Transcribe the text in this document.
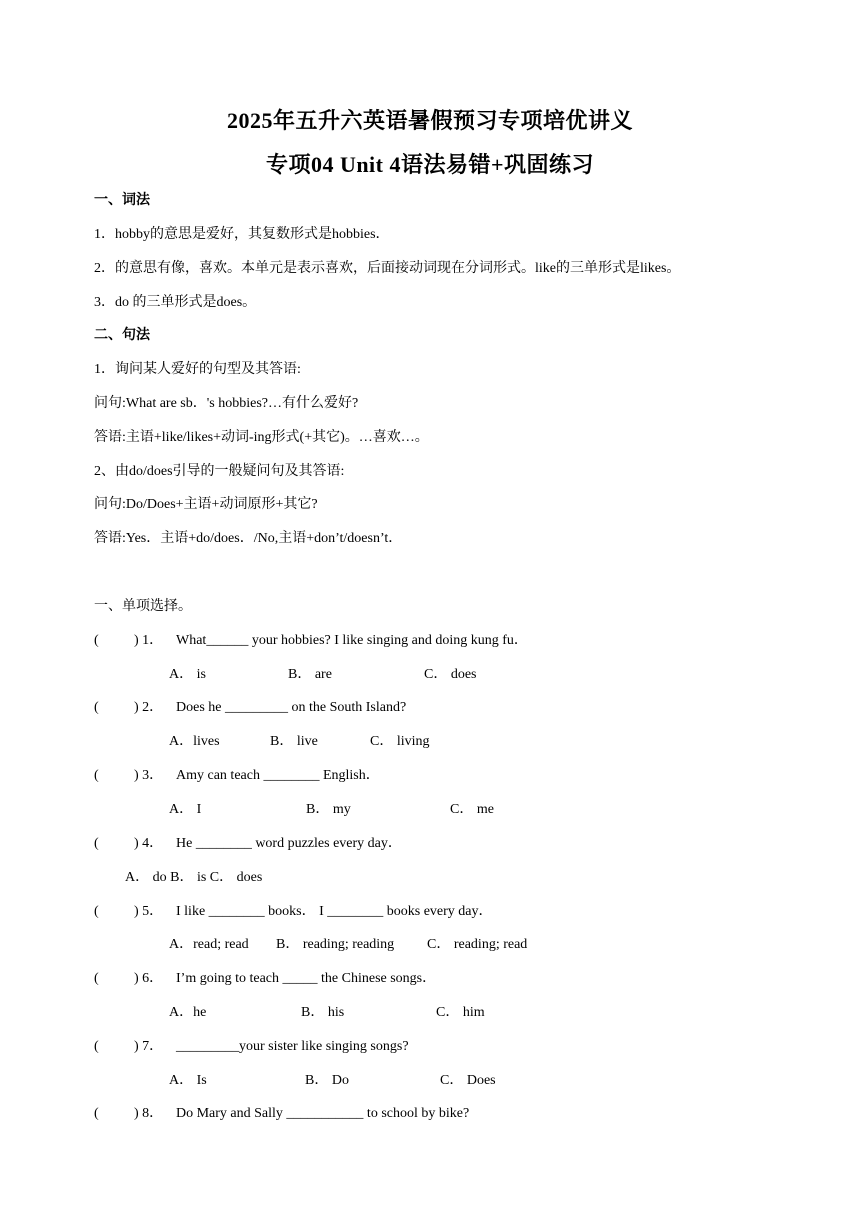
2025年五升六英语暑假预习专项培优讲义
专项04 Unit 4语法易错+巩固练习
一、词法
1．hobby的意思是爱好，其复数形式是hobbies．
2．的意思有像，喜欢。本单元是表示喜欢，后面接动词现在分词形式。like的三单形式是likes。
3．do 的三单形式是does。
二、句法
1．询问某人爱好的句型及其答语:
问句:What are sb．'s hobbies?…有什么爱好?
答语:主语+like/likes+动词-ing形式(+其它)。…喜欢…。
2、由do/does引导的一般疑问句及其答语:
问句:Do/Does+主语+动词原形+其它?
答语:Yes．主语+do/does．/No,主语+don’t/doesn’t．
一、单项选择。
(	) 1． What______ your hobbies? I like singing and doing kung fu．
A． is	B． are	C． does
(	) 2． Does he _________ on the South Island?
A．lives	B． live	C． living
(	) 3． Amy can teach ________ English．
A． I	B． my	C． me
(	) 4． He ________ word puzzles every day．
A． do B． is C． does
(	) 5． I like ________ books． I ________ books every day．
A．read; read B． reading; reading C． reading; read
(	) 6． I’m going to teach _____ the Chinese songs．
A．he	B． his	C． him
(	) 7． _________your sister like singing songs?
A． Is	B． Do	C． Does
(	) 8． Do Mary and Sally ___________ to school by bike?
